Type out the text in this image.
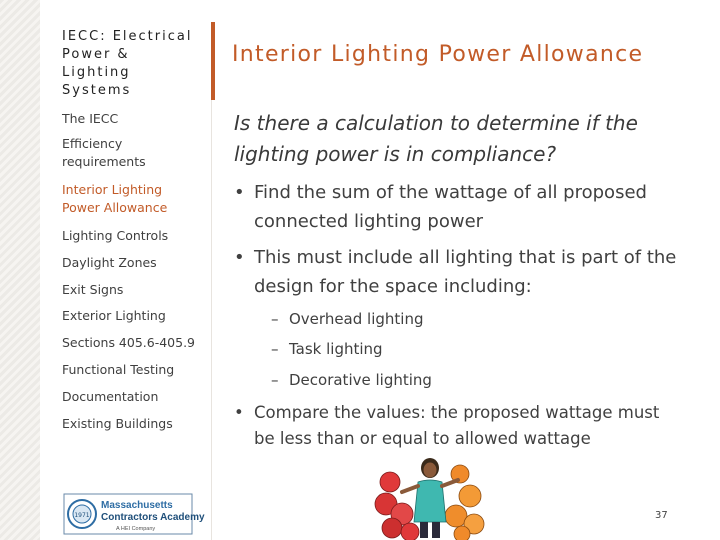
IECC: Electrical Power & Lighting Systems
The IECC
Efficiency requirements
Interior Lighting Power Allowance
Lighting Controls
Daylight Zones
Exit Signs
Exterior Lighting
Sections 405.6-405.9
Functional Testing
Documentation
Existing Buildings
Interior Lighting Power Allowance
Is there a calculation to determine if the lighting power is in compliance?
• Find the sum of the wattage of all proposed connected lighting power
• This must include all lighting that is part of the design for the space including:
– Overhead lighting
– Task lighting
– Decorative lighting
• Compare the values: the proposed wattage must be less than or equal to allowed wattage
1971
Massachusetts
Contractors Academy
A HEI Company
37
